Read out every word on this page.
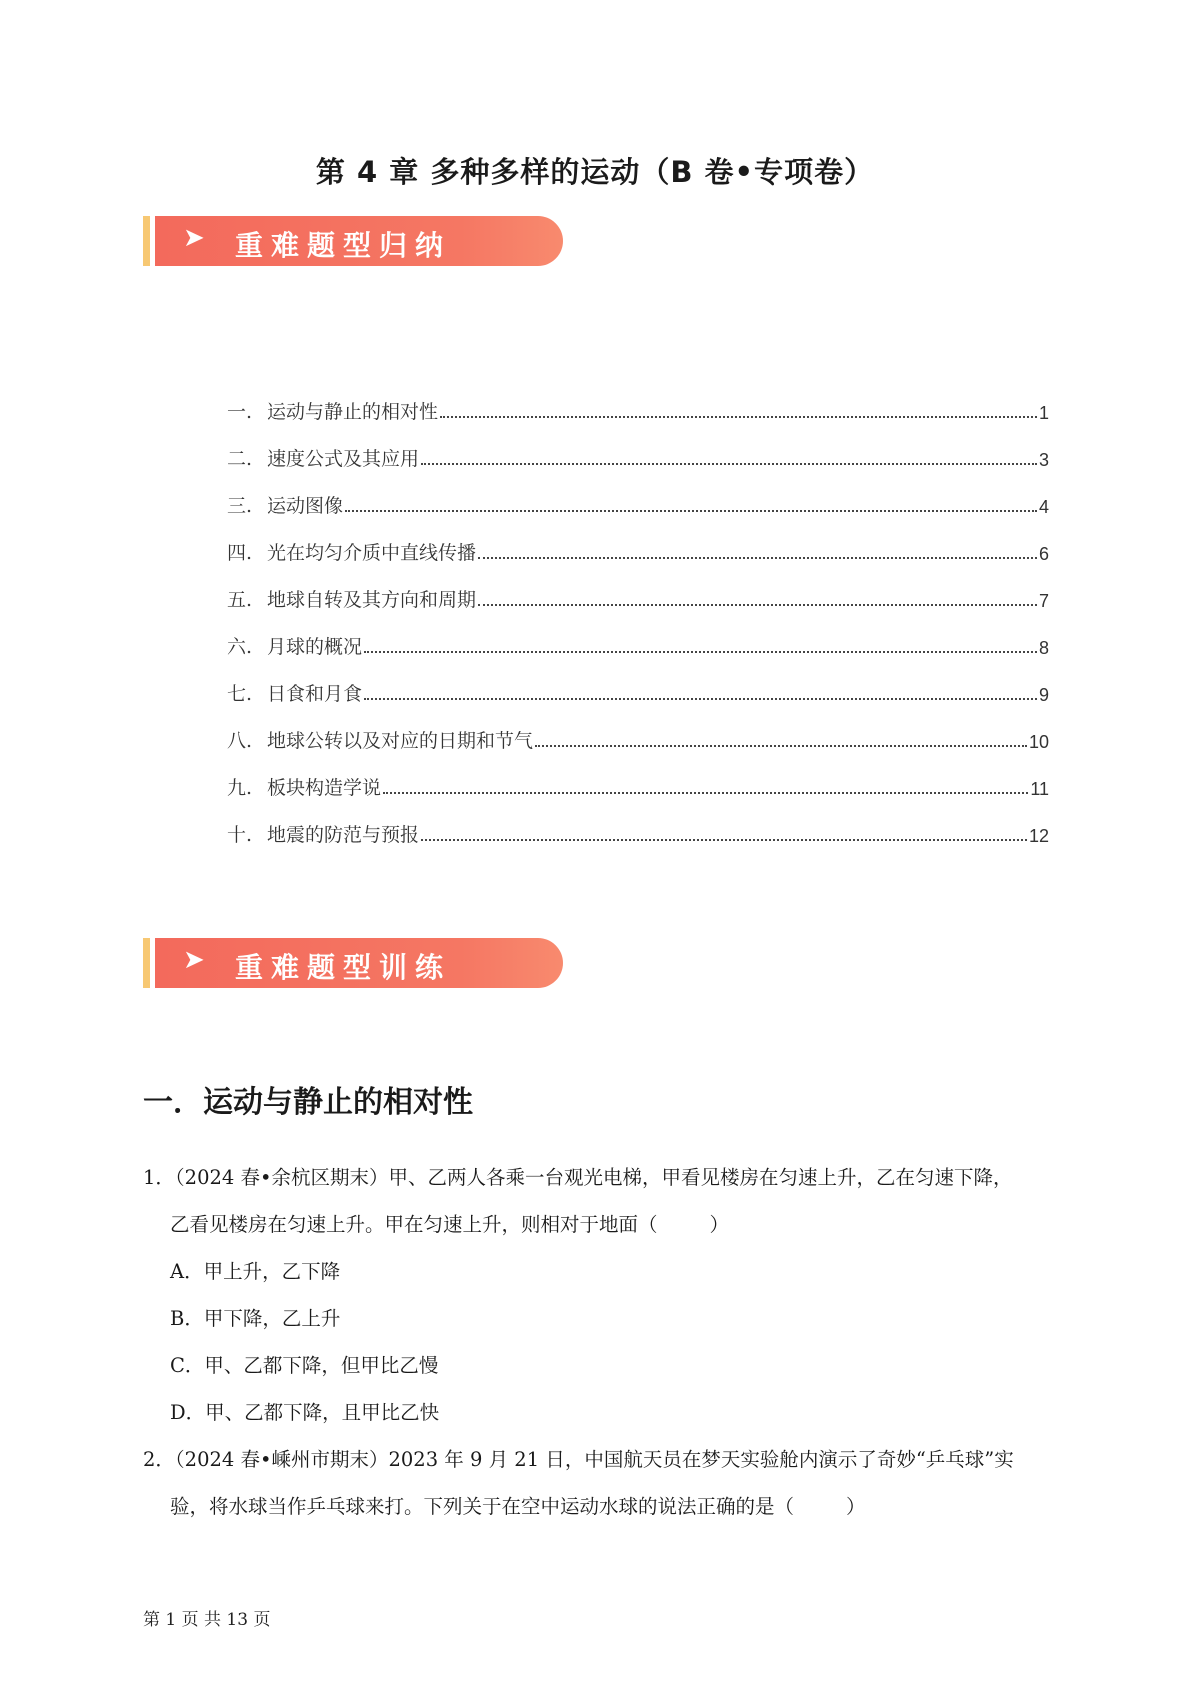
第 4 章 多种多样的运动（B 卷•专项卷）
➤ 重难题型归纳
一. 运动与静止的相对性	1
二. 速度公式及其应用	3
三. 运动图像	4
四. 光在均匀介质中直线传播	6
五. 地球自转及其方向和周期	7
六. 月球的概况	8
七. 日食和月食	9
八. 地球公转以及对应的日期和节气	10
九. 板块构造学说	11
十. 地震的防范与预报	12
➤ 重难题型训练
一．运动与静止的相对性
1．（2024 春•余杭区期末）甲、乙两人各乘一台观光电梯，甲看见楼房在匀速上升，乙在匀速下降，
乙看见楼房在匀速上升。甲在匀速上升，则相对于地面（	）
A．甲上升，乙下降
B．甲下降，乙上升
C．甲、乙都下降，但甲比乙慢
D．甲、乙都下降，且甲比乙快
2．（2024 春•嵊州市期末）2023 年 9 月 21 日，中国航天员在梦天实验舱内演示了奇妙“乒乓球”实
验，将水球当作乒乓球来打。下列关于在空中运动水球的说法正确的是（	）
第 1 页 共 13 页
